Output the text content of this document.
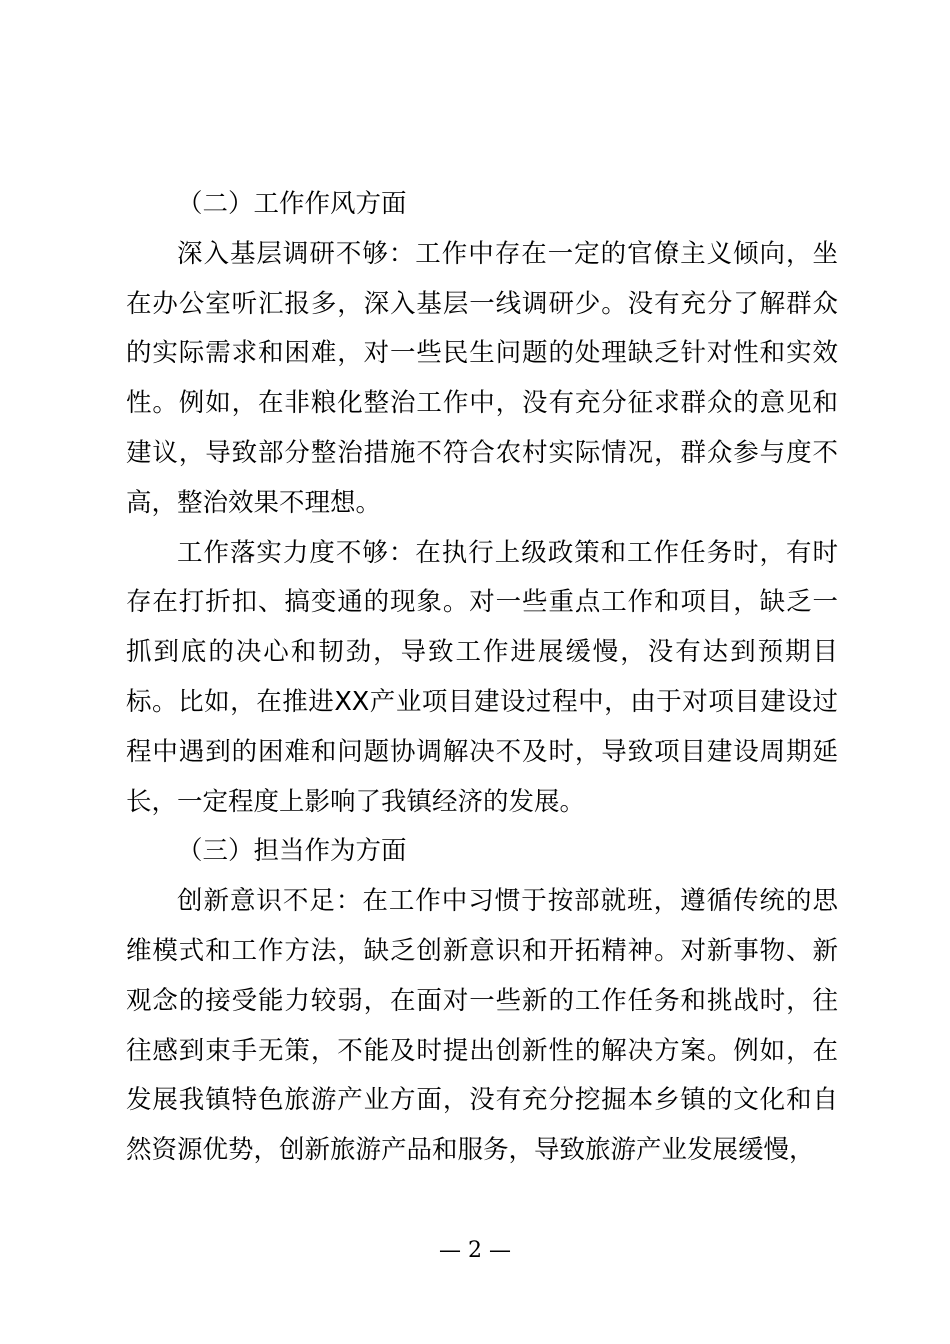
（二）工作作风方面

深入基层调研不够：工作中存在一定的官僚主义倾向，坐在办公室听汇报多，深入基层一线调研少。没有充分了解群众的实际需求和困难，对一些民生问题的处理缺乏针对性和实效性。例如，在非粮化整治工作中，没有充分征求群众的意见和建议，导致部分整治措施不符合农村实际情况，群众参与度不高，整治效果不理想。

工作落实力度不够：在执行上级政策和工作任务时，有时存在打折扣、搞变通的现象。对一些重点工作和项目，缺乏一抓到底的决心和韧劲，导致工作进展缓慢，没有达到预期目标。比如，在推进XX产业项目建设过程中，由于对项目建设过程中遇到的困难和问题协调解决不及时，导致项目建设周期延长，一定程度上影响了我镇经济的发展。

（三）担当作为方面

创新意识不足：在工作中习惯于按部就班，遵循传统的思维模式和工作方法，缺乏创新意识和开拓精神。对新事物、新观念的接受能力较弱，在面对一些新的工作任务和挑战时，往往感到束手无策，不能及时提出创新性的解决方案。例如，在发展我镇特色旅游产业方面，没有充分挖掘本乡镇的文化和自然资源优势，创新旅游产品和服务，导致旅游产业发展缓慢，

— 2 —
